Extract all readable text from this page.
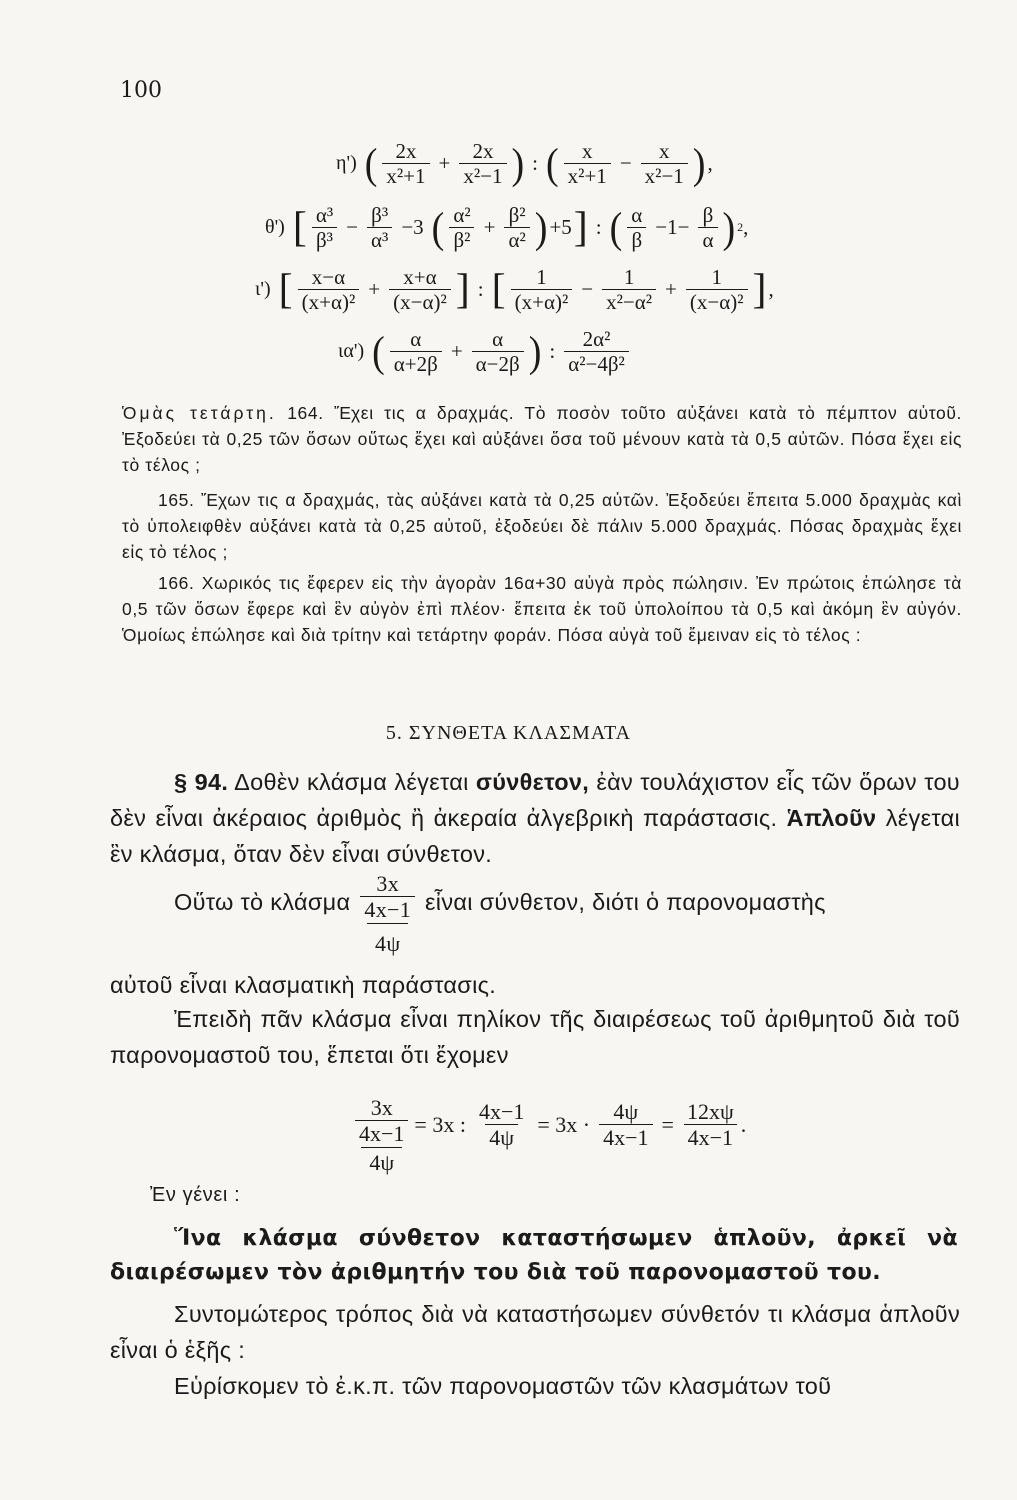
100
η') ( $\frac{2x}{\text{x²+1}} + \frac{2x}{\text{x²−1}}$ ) : ( $\frac{x}{\text{x²+1}} - \frac{x}{\text{x²−1}}$ ) ,
θ') [ $\frac{\text{α³}}{\text{β³}} - \frac{\text{β³}}{\text{α³}} -3$ ( $\frac{\text{α²}}{\text{β²}} + \frac{\text{β²}}{\text{α²}}$ ) +5 ] : ( $\frac{\alpha}{\beta} -1- \frac{\beta}{\alpha}$ ) 2 ,
ι') [ $\frac{x-\alpha}{\text{(x+α)²}} + \frac{x+\alpha}{\text{(x−α)²}}$ ] : [ $\frac{1}{\text{(x+α)²}} - \frac{1}{\text{x²−α²}} + \frac{1}{\text{(x−α)²}}$ ] ,
ια') ( $\frac{\alpha}{\alpha+2\beta} + \frac{\alpha}{\alpha-2\beta}$ ) : $\frac{\text{2α²}}{\text{α²−4β²}}$
Ὁμὰς τετάρτη. 164. Ἔχει τις α δραχμάς. Τὸ ποσὸν τοῦτο αὐξάνει κατὰ τὸ πέμπτον αὐτοῦ. Ἐξοδεύει τὰ 0,25 τῶν ὅσων οὕτως ἔχει καὶ αὐξάνει ὅσα τοῦ μένουν κατὰ τὰ 0,5 αὐτῶν. Πόσα ἔχει εἰς τὸ τέλος ;
165. Ἔχων τις α δραχμάς, τὰς αὐξάνει κατὰ τὰ 0,25 αὐτῶν. Ἐξοδεύει ἔπειτα 5.000 δραχμὰς καὶ τὸ ὑπολειφθὲν αὐξάνει κατὰ τὰ 0,25 αὐτοῦ, ἐξοδεύει δὲ πάλιν 5.000 δραχμάς. Πόσας δραχμὰς ἔχει εἰς τὸ τέλος ;
166. Χωρικός τις ἔφερεν εἰς τὴν ἀγορὰν 16α+30 αὐγὰ πρὸς πώλησιν. Ἐν πρώτοις ἐπώλησε τὰ 0,5 τῶν ὅσων ἔφερε καὶ ἓν αὐγὸν ἐπὶ πλέον· ἔπειτα ἐκ τοῦ ὑπολοίπου τὰ 0,5 καὶ ἀκόμη ἓν αὐγόν. Ὁμοίως ἐπώλησε καὶ διὰ τρίτην καὶ τετάρτην φοράν. Πόσα αὐγὰ τοῦ ἔμειναν εἰς τὸ τέλος :
5. ΣΥΝΘΕΤΑ ΚΛΑΣΜΑΤΑ
§ 94. Δοθὲν κλάσμα λέγεται σύνθετον, ἐὰν τουλάχιστον εἷς τῶν ὅρων του δὲν εἶναι ἀκέραιος ἀριθμὸς ἢ ἀκεραία ἀλγεβρικὴ παράστασις. Ἁπλοῦν λέγεται ἓν κλάσμα, ὅταν δὲν εἶναι σύνθετον.
Οὕτω τὸ κλάσμα $\frac{3x}{4x-1}$
4ψ
εἶναι σύνθετον, διότι ὁ παρονομαστὴς
αὐτοῦ εἶναι κλασματικὴ παράστασις.
Ἐπειδὴ πᾶν κλάσμα εἶναι πηλίκον τῆς διαιρέσεως τοῦ ἀριθμητοῦ διὰ τοῦ παρονομαστοῦ του, ἕπεται ὅτι ἔχομεν
$\frac{\frac{3x}{4x-1}}{4\psi} = 3x$ : $\frac{4x-1}{4\psi} = 3x \cdot \frac{4\psi}{4x-1} = \frac{12x\psi}{4x-1}$ .
Ἐν γένει :
Ἵνα κλάσμα σύνθετον καταστήσωμεν ἁπλοῦν, ἀρκεῖ νὰ διαιρέσωμεν τὸν ἀριθμητήν του διὰ τοῦ παρονομαστοῦ του.
Συντομώτερος τρόπος διὰ νὰ καταστήσωμεν σύνθετόν τι κλάσμα ἁπλοῦν εἶναι ὁ ἑξῆς :
Εὑρίσκομεν τὸ ἐ.κ.π. τῶν παρονομαστῶν τῶν κλασμάτων τοῦ
